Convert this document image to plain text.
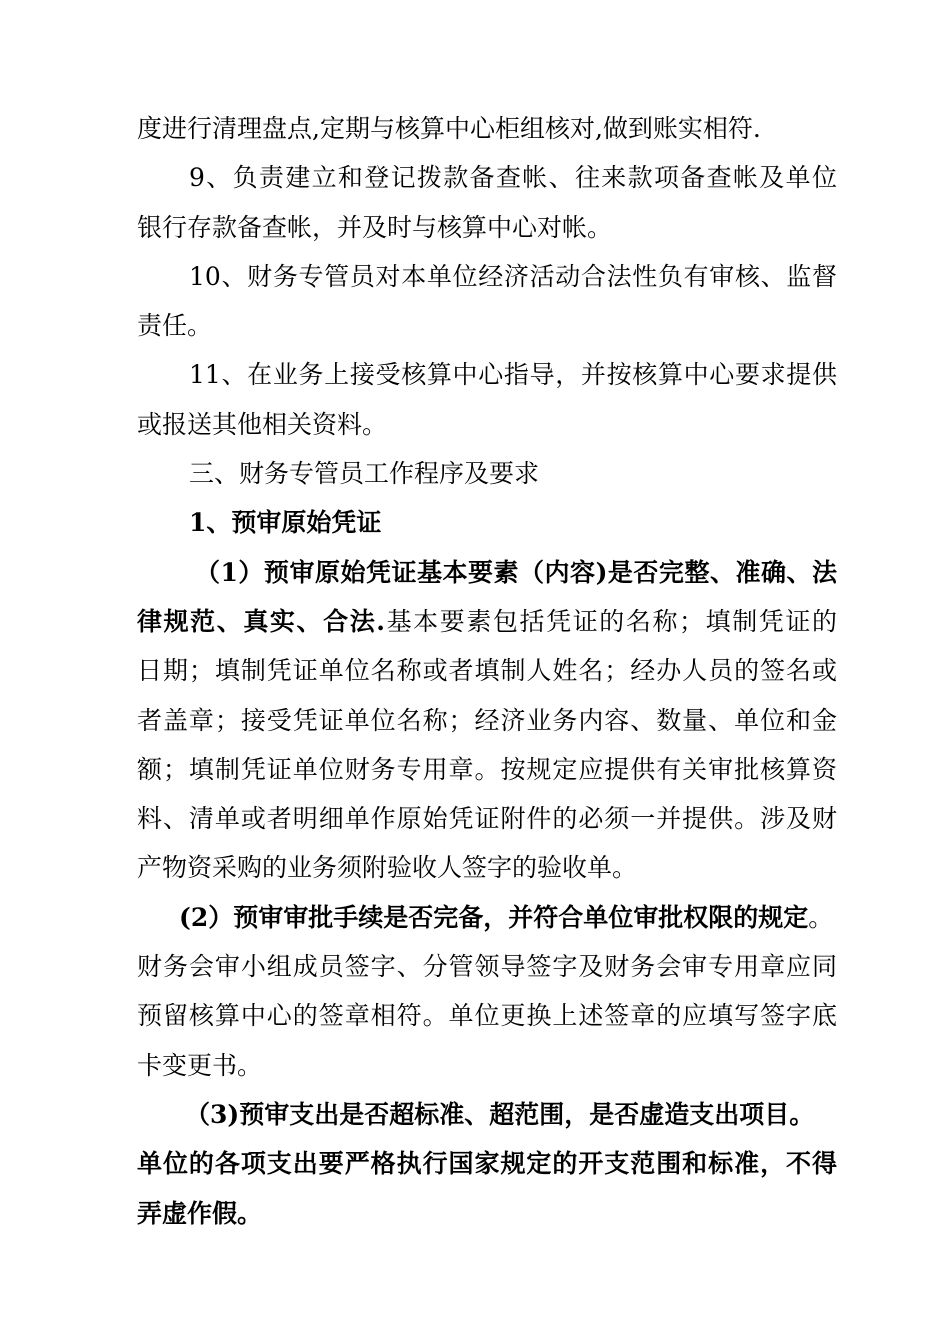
度进行清理盘点,定期与核算中心柜组核对,做到账实相符.
9、负责建立和登记拨款备查帐、往来款项备查帐及单位
银行存款备查帐，并及时与核算中心对帐。
10、财务专管员对本单位经济活动合法性负有审核、监督
责任。
11、在业务上接受核算中心指导，并按核算中心要求提供
或报送其他相关资料。
三、财务专管员工作程序及要求
1、预审原始凭证
（1）预审原始凭证基本要素（内容)是否完整、准确、法
律规范、真实、合法.基本要素包括凭证的名称；填制凭证的
日期；填制凭证单位名称或者填制人姓名；经办人员的签名或
者盖章；接受凭证单位名称；经济业务内容、数量、单位和金
额；填制凭证单位财务专用章。按规定应提供有关审批核算资
料、清单或者明细单作原始凭证附件的必须一并提供。涉及财
产物资采购的业务须附验收人签字的验收单。
(2）预审审批手续是否完备，并符合单位审批权限的规定。
财务会审小组成员签字、分管领导签字及财务会审专用章应同
预留核算中心的签章相符。单位更换上述签章的应填写签字底
卡变更书。
（3)预审支出是否超标准、超范围，是否虚造支出项目。
单位的各项支出要严格执行国家规定的开支范围和标准，不得
弄虚作假。
